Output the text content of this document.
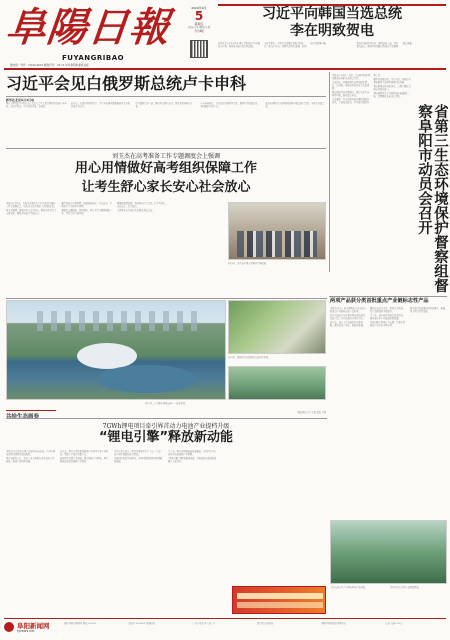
阜陽日報
FUYANGRIBAO
国内统一刊号：CN34-0010 邮发代号：25-15 中共阜阳市委机关报
2020年6月
5
星期五
农历庚子年闰四月十四
今日8版
习近平向韩国当选总统
李在明致贺电

新华社北京6月4日电 国家主席习近平4日致电李在明，祝贺他当选大韩民国总统。

习近平指出，中韩互为重要近邻和合作伙伴。建交33年来，两国关系持续发展，各领域合作成果丰硕。	我高度重视中韩关系，愿同总统一道，坚持建交初心，推动中韩战略合作伙伴关系健康稳定发展。

习近平会见白俄罗斯总统卢卡申科
新华社北京6月4日电

国家主席习近平4日在北京人民大会堂会见白俄罗斯总统卢卡申科。习近平指出，中白是好朋友、好伙伴。

近年来，在双方共同努力下，中白全天候全面战略伙伴关系保持高水平运行。

中方愿同白方一道，继续坚定相互支持，深化各领域务实合作。

卢卡申科表示，白方高度重视对华关系，愿同中方加强合作，共同维护多边主义。

双方就共同关心的国际和地区问题交换了意见。王毅等参加会见。

本报讯 6月4日，省第三生态环境保护督察组督察阜阳市动员会召开。

会议指出，开展省级生态环境保护督察，是省委、省政府作出的重大决策部署。

督察组将坚持问题导向，聚焦突出生态环境问题，推动责任落实。

会议要求，全市各级各部门要提高政治站位，主动接受督察，全力配合做好各项工作。

要坚持边督边改、立行立改，以督察为契机推动生态环境质量持续改善。

督察组组长作动员讲话，市委主要负责同志作表态发言。

督察期间设立专门值班电话和邮政信箱，受理群众来电来信举报。

省第三生态环境保护督察组督察阜阳市动员会召开
刘玉杰在高考准备工作专题调度会上强调
用心用情做好高考组织保障工作
让考生舒心家长安心社会放心

本报讯 6月4日，市委书记刘玉杰主持召开高考准备工作专题调度会，听取全市高考准备工作情况汇报。

刘玉杰强调，要坚持以人民为中心，把高考作为头等大事来抓，确保考试安全平稳有序。

要严格落实考务管理，加强试卷保密、考点安全、考场秩序等关键环节管理。

要做好交通保障、环境整治、医疗卫生等服务保障工作，营造良好考试环境。

要强化舆情监测，及时回应社会关切，让考生舒心、家长安心、社会放心。

市领导及有关部门负责同志参加会议。

6月4日，高考前考务人员检查考场设施。

6月3日，颍州区王店镇居民在活动中参观。
6月4日，在合肥市某某公园……游客休闲。
共绘生态画卷

本版摄影 记者 王瑞 刘磊 李浩

7GWh锂电项目牵引界首动力电池产业提档升级
“锂电引擎”释放新动能

本报讯 记者近日在界首高新区采访获悉，7GWh锂电池项目建设正加快推进。

项目全面投产后，将进一步完善界首动力电池产业链条，推动产业提档升级。

近年来，界首市坚持把新能源产业作为主导产业培育，集聚上下游企业数十家。

依托再生资源产业基础，界首形成了从回收、再生到电池制造的循环产业体系。

企业负责人表示，项目采用先进生产工艺，产品广泛应用于储能和动力领域。

当地持续优化营商环境，为项目建设提供全周期服务保障。

下一步，界首将围绕延链补链强链，全力打造具有竞争力的新能源产业集群。

“锂电引擎”正释放强劲动能，为县域经济高质量发展注入新活力。

两项产品获分类首批重点产业链标志性产品

本报讯 近日，我市两项农产品入选首批重点产业链标志性产品名单。

此次入选的产品分别为绿色食品和特色农产品，具有较高的市场认可度。

近年来，我市大力实施农业品牌战略，推动农业产业化、标准化发展。

通过培育龙头企业、建设示范基地，农产品附加值不断提升。

下一步，我市将持续擦亮农业品牌，推动农业全产业链高质量发展。

为乡村振兴提供有力支撑，让更多优质农产品走向全国市场。

相关部门将加强品牌宣传推介，拓展线上线下销售渠道。

工作人员在生产车间内检查产品质量。	企业负责人介绍产品研发情况。

阜阳新闻网
fynews.net

地址 阜阳市颍州区 邮编 236000	总编室 2228800 新闻热线	广告许可证 阜工商广字	发行部 订阅热线	印刷 阜阳日报社印务中心	定价 每份1.00元
